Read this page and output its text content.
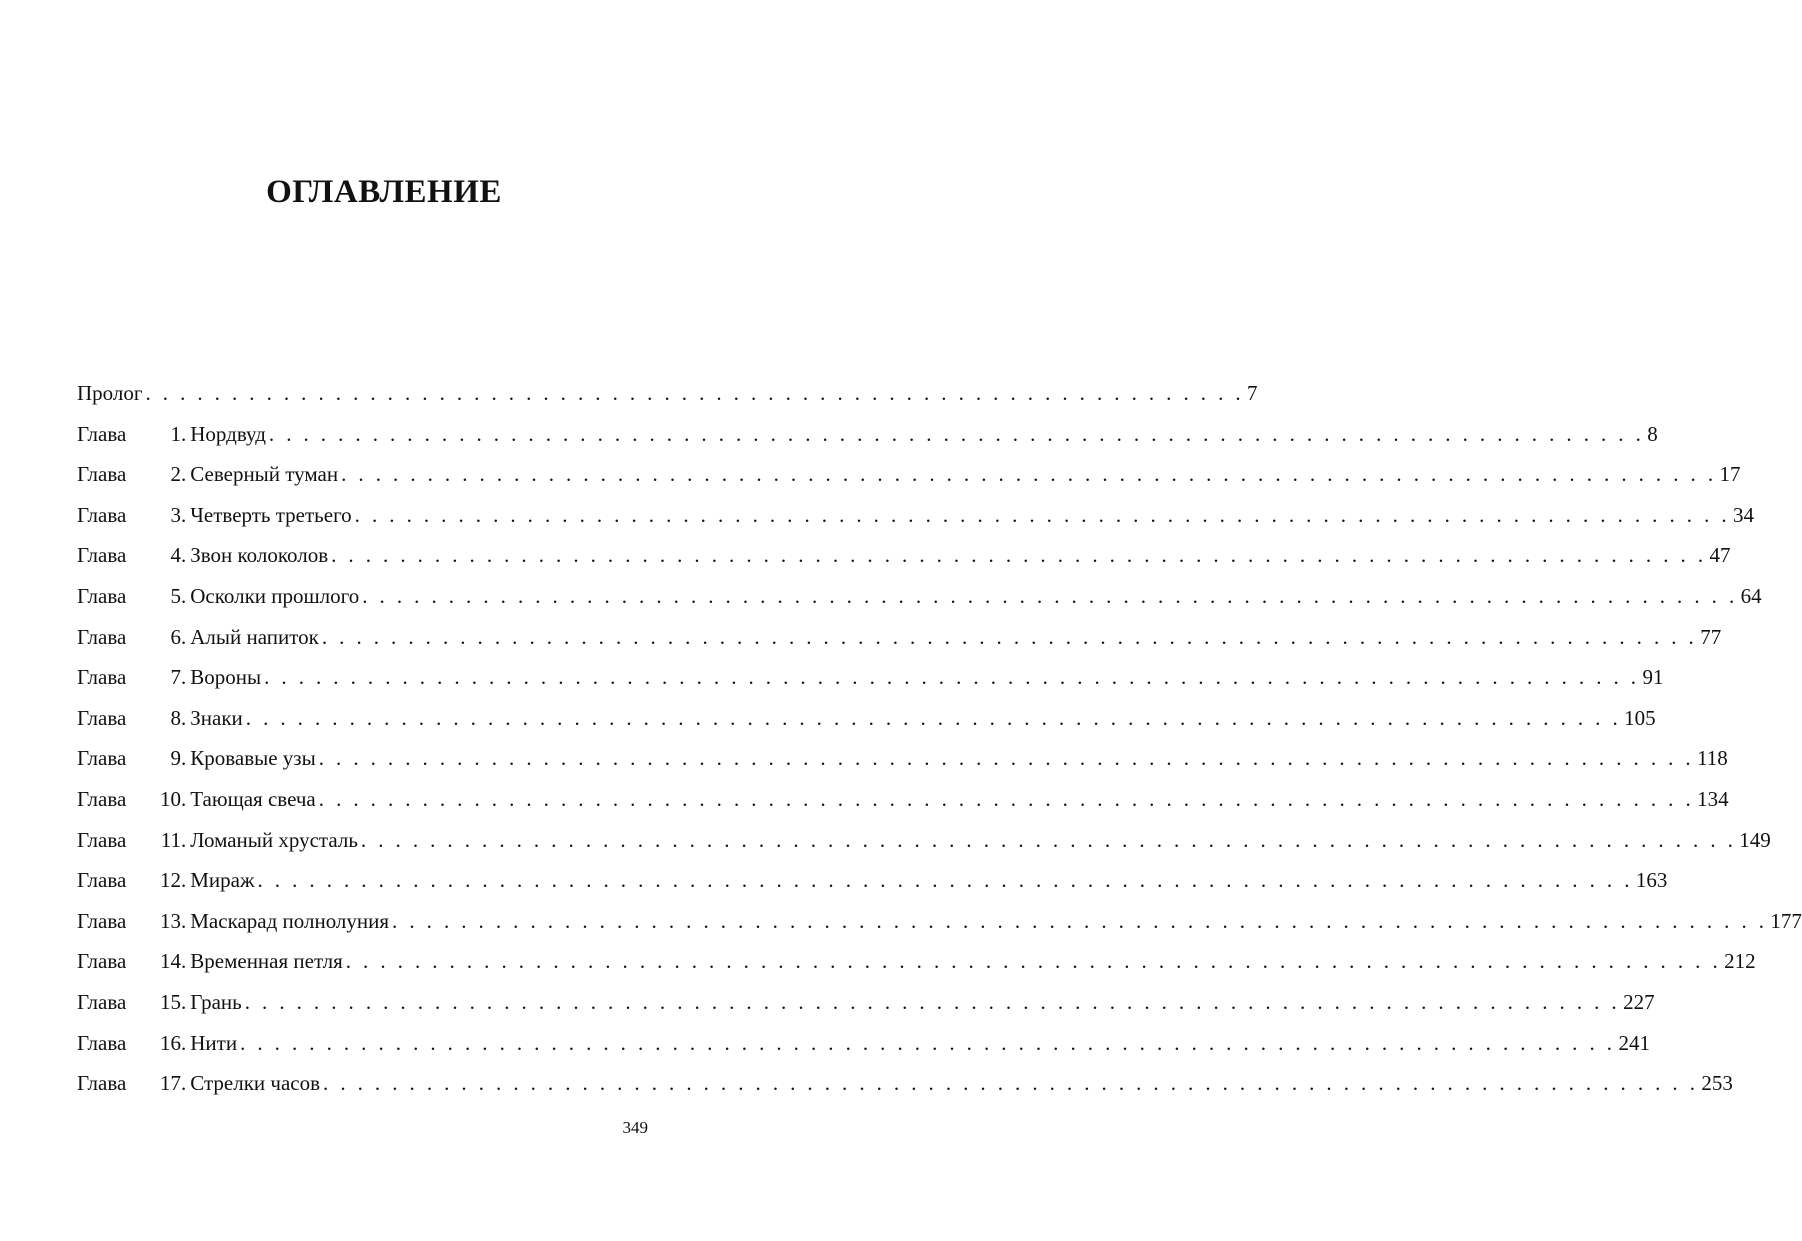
ОГЛАВЛЕНИЕ
Пролог . . . . . . . . . . . . . . . . . . . . . . . . . . . . . . . . . . . . . . . . . . . . . . . . . . . . . . . . . . . . . . . . 7
Глава	1 . Нордвуд . . . . . . . . . . . . . . . . . . . . . . . . . . . . . . . . . . . . . . . . . . . . . . . . . . . . . . . . . . . . . . . . . . . . . . . . . . . . . . . . 8
Глава	2 . Северный туман . . . . . . . . . . . . . . . . . . . . . . . . . . . . . . . . . . . . . . . . . . . . . . . . . . . . . . . . . . . . . . . . . . . . . . . . . . . . . . . . 17
Глава	3 . Четверть третьего . . . . . . . . . . . . . . . . . . . . . . . . . . . . . . . . . . . . . . . . . . . . . . . . . . . . . . . . . . . . . . . . . . . . . . . . . . . . . . . . 34
Глава	4 . Звон колоколов . . . . . . . . . . . . . . . . . . . . . . . . . . . . . . . . . . . . . . . . . . . . . . . . . . . . . . . . . . . . . . . . . . . . . . . . . . . . . . . . 47
Глава	5 . Осколки прошлого . . . . . . . . . . . . . . . . . . . . . . . . . . . . . . . . . . . . . . . . . . . . . . . . . . . . . . . . . . . . . . . . . . . . . . . . . . . . . . . . 64
Глава	6 . Алый напиток . . . . . . . . . . . . . . . . . . . . . . . . . . . . . . . . . . . . . . . . . . . . . . . . . . . . . . . . . . . . . . . . . . . . . . . . . . . . . . . . 77
Глава	7 . Вороны . . . . . . . . . . . . . . . . . . . . . . . . . . . . . . . . . . . . . . . . . . . . . . . . . . . . . . . . . . . . . . . . . . . . . . . . . . . . . . . . 91
Глава	8 . Знаки . . . . . . . . . . . . . . . . . . . . . . . . . . . . . . . . . . . . . . . . . . . . . . . . . . . . . . . . . . . . . . . . . . . . . . . . . . . . . . . . 105
Глава	9 . Кровавые узы . . . . . . . . . . . . . . . . . . . . . . . . . . . . . . . . . . . . . . . . . . . . . . . . . . . . . . . . . . . . . . . . . . . . . . . . . . . . . . . . 118
Глава	10 . Тающая свеча . . . . . . . . . . . . . . . . . . . . . . . . . . . . . . . . . . . . . . . . . . . . . . . . . . . . . . . . . . . . . . . . . . . . . . . . . . . . . . . . 134
Глава	11 . Ломаный хрусталь . . . . . . . . . . . . . . . . . . . . . . . . . . . . . . . . . . . . . . . . . . . . . . . . . . . . . . . . . . . . . . . . . . . . . . . . . . . . . . . . 149
Глава	12 . Мираж . . . . . . . . . . . . . . . . . . . . . . . . . . . . . . . . . . . . . . . . . . . . . . . . . . . . . . . . . . . . . . . . . . . . . . . . . . . . . . . . 163
Глава	13 . Маскарад полнолуния . . . . . . . . . . . . . . . . . . . . . . . . . . . . . . . . . . . . . . . . . . . . . . . . . . . . . . . . . . . . . . . . . . . . . . . . . . . . . . . . 177
Глава	14 . Временная петля . . . . . . . . . . . . . . . . . . . . . . . . . . . . . . . . . . . . . . . . . . . . . . . . . . . . . . . . . . . . . . . . . . . . . . . . . . . . . . . . 212
Глава	15 . Грань . . . . . . . . . . . . . . . . . . . . . . . . . . . . . . . . . . . . . . . . . . . . . . . . . . . . . . . . . . . . . . . . . . . . . . . . . . . . . . . . 227
Глава	16 . Нити . . . . . . . . . . . . . . . . . . . . . . . . . . . . . . . . . . . . . . . . . . . . . . . . . . . . . . . . . . . . . . . . . . . . . . . . . . . . . . . . 241
Глава	17 . Стрелки часов . . . . . . . . . . . . . . . . . . . . . . . . . . . . . . . . . . . . . . . . . . . . . . . . . . . . . . . . . . . . . . . . . . . . . . . . . . . . . . . . 253
349
